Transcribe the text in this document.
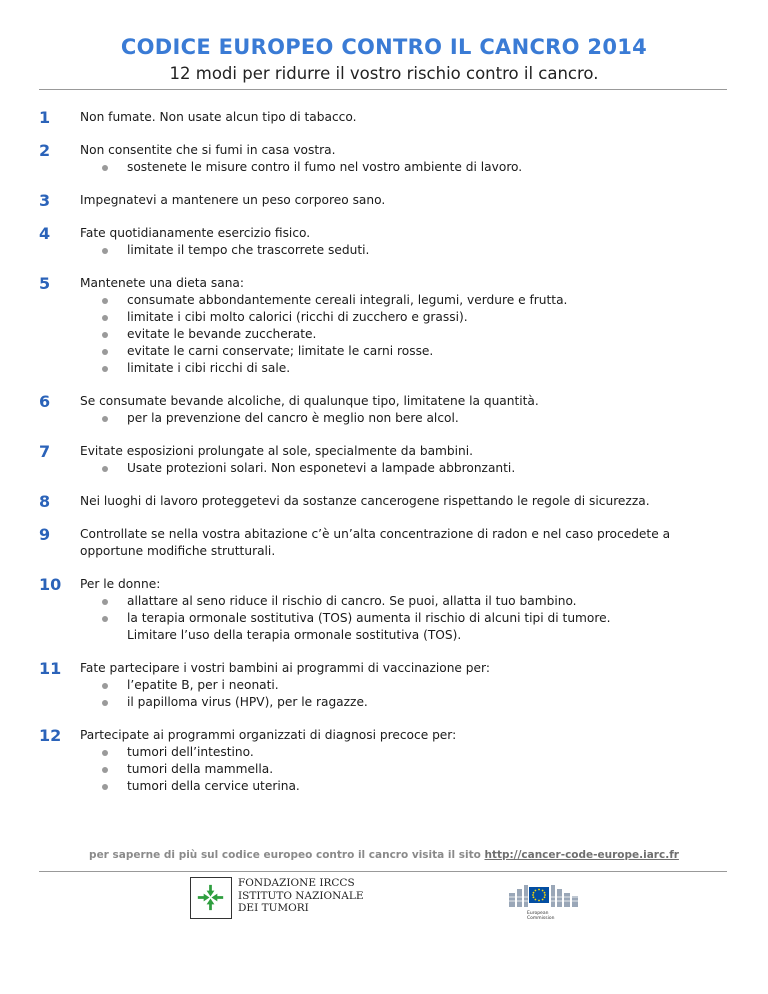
CODICE EUROPEO CONTRO IL CANCRO 2014
12 modi per ridurre il vostro rischio contro il cancro.
1	Non fumate. Non usate alcun tipo di tabacco.
2	Non consentite che si fumi in casa vostra.
sostenete le misure contro il fumo nel vostro ambiente di lavoro.
3	Impegnatevi a mantenere un peso corporeo sano.
4	Fate quotidianamente esercizio fisico.
limitate il tempo che trascorrete seduti.
5	Mantenete una dieta sana:
consumate abbondantemente cereali integrali, legumi, verdure e frutta.
limitate i cibi molto calorici (ricchi di zucchero e grassi).
evitate le bevande zuccherate.
evitate le carni conservate; limitate le carni rosse.
limitate i cibi ricchi di sale.
6	Se consumate bevande alcoliche, di qualunque tipo, limitatene la quantità.
per la prevenzione del cancro è meglio non bere alcol.
7	Evitate esposizioni prolungate al sole, specialmente da bambini.
Usate protezioni solari. Non esponetevi a lampade abbronzanti.
8	Nei luoghi di lavoro proteggetevi da sostanze cancerogene rispettando le regole di sicurezza.
9	Controllate se nella vostra abitazione c’è un’alta concentrazione di radon e nel caso procedete a opportune modifiche strutturali.
10	Per le donne:
allattare al seno riduce il rischio di cancro. Se puoi, allatta il tuo bambino.
la terapia ormonale sostitutiva (TOS) aumenta il rischio di alcuni tipi di tumore.
Limitare l’uso della terapia ormonale sostitutiva (TOS).
11	Fate partecipare i vostri bambini ai programmi di vaccinazione per:
l’epatite B, per i neonati.
il papilloma virus (HPV), per le ragazze.
12	Partecipate ai programmi organizzati di diagnosi precoce per:
tumori dell’intestino.
tumori della mammella.
tumori della cervice uterina.
per saperne di più sul codice europeo contro il cancro visita il sito http://cancer-code-europe.iarc.fr
FONDAZIONE IRCCS
ISTITUTO NAZIONALE
DEI TUMORI	European
Commission
